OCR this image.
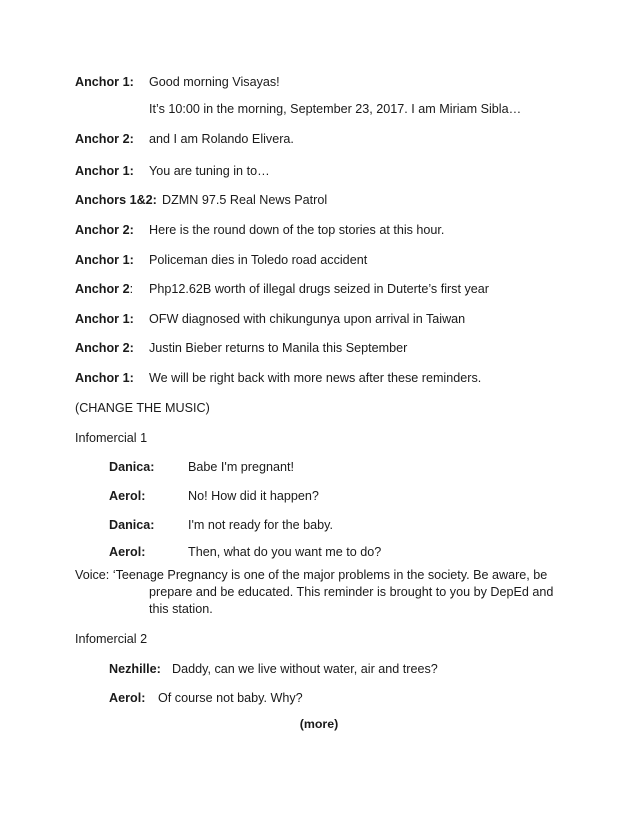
Anchor 1: Good morning Visayas!
It’s 10:00 in the morning, September 23, 2017. I am Miriam Sibla…
Anchor 2: and I am Rolando Elivera.
Anchor 1: You are tuning in to…
Anchors 1&2: DZMN 97.5 Real News Patrol
Anchor 2: Here is the round down of the top stories at this hour.
Anchor 1: Policeman dies in Toledo road accident
Anchor 2: Php12.62B worth of illegal drugs seized in Duterte’s first year
Anchor 1: OFW diagnosed with chikungunya upon arrival in Taiwan
Anchor 2: Justin Bieber returns to Manila this September
Anchor 1: We will be right back with more news after these reminders.
(CHANGE THE MUSIC)
Infomercial 1
Danica:	Babe I'm pregnant!
Aerol:	No! How did it happen?
Danica:	I'm not ready for the baby.
Aerol:	Then, what do you want me to do?
Voice: ‘Teenage Pregnancy is one of the major problems in the society. Be aware, be
prepare and be educated. This reminder is brought to you by DepEd and this station.
Infomercial 2
Nezhille: Daddy, can we live without water, air and trees?
Aerol: Of course not baby. Why?
(more)
